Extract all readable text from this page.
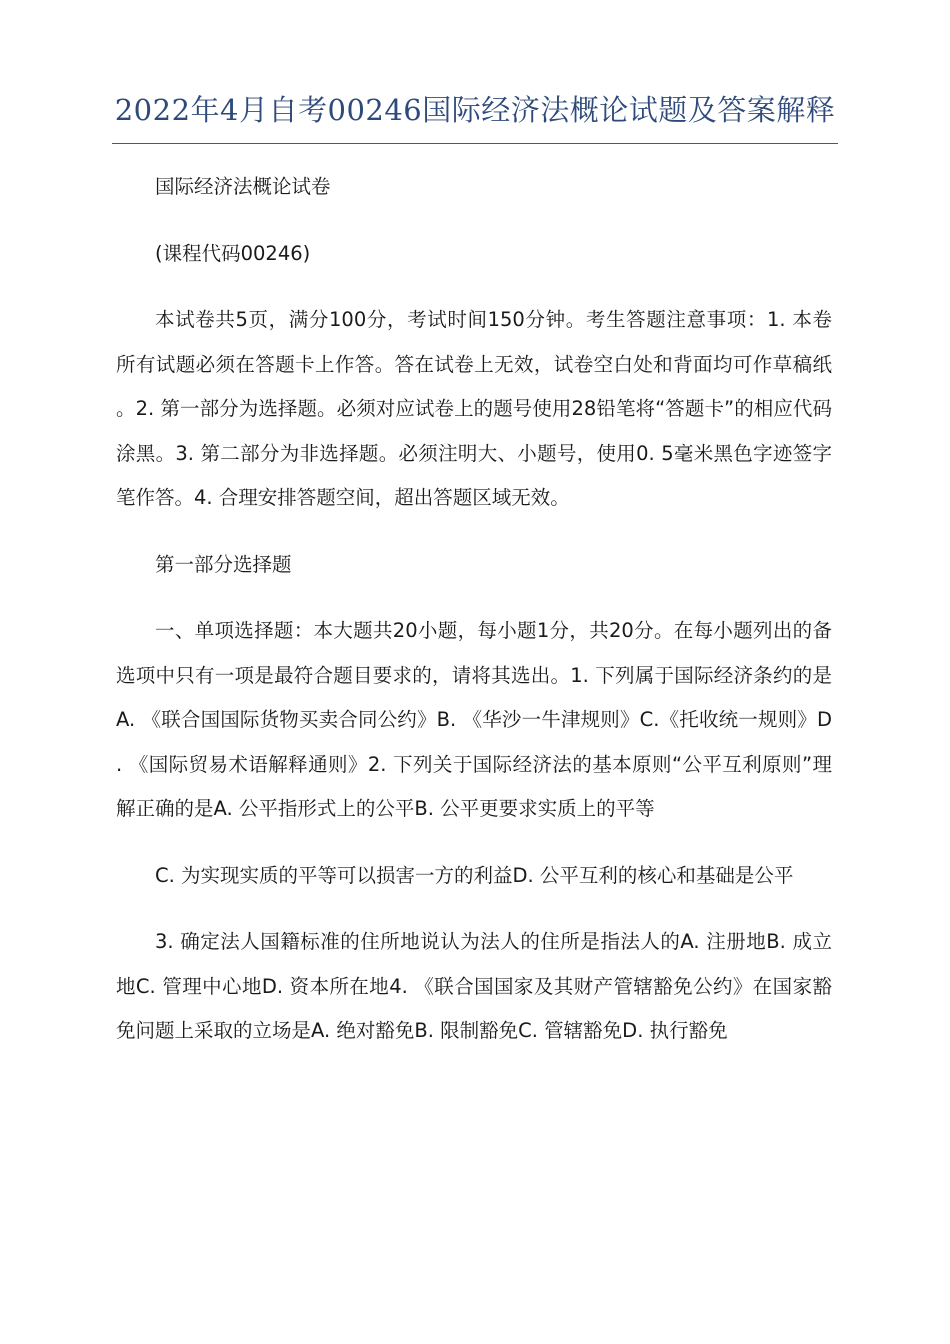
2022年4月自考00246国际经济法概论试题及答案解释

国际经济法概论试卷

(课程代码00246)

本试卷共5页，满分100分，考试时间150分钟。考生答题注意事项：1. 本卷所有试题必须在答题卡上作答。答在试卷上无效，试卷空白处和背面均可作草稿纸。2. 第一部分为选择题。必须对应试卷上的题号使用28铅笔将“答题卡”的相应代码涂黑。3. 第二部分为非选择题。必须注明大、小题号，使用0. 5毫米黑色字迹签字笔作答。4. 合理安排答题空间，超出答题区域无效。

第一部分选择题

一、单项选择题：本大题共20小题，每小题1分，共20分。在每小题列出的备选项中只有一项是最符合题目要求的，请将其选出。1. 下列属于国际经济条约的是A. 《联合国国际货物买卖合同公约》B. 《华沙一牛津规则》C.《托收统一规则》D. 《国际贸易术语解释通则》2. 下列关于国际经济法的基本原则“公平互利原则”理解正确的是A. 公平指形式上的公平B. 公平更要求实质上的平等

C. 为实现实质的平等可以损害一方的利益D. 公平互利的核心和基础是公平

3. 确定法人国籍标准的住所地说认为法人的住所是指法人的A. 注册地B. 成立地C. 管理中心地D. 资本所在地4. 《联合国国家及其财产管辖豁免公约》在国家豁免问题上采取的立场是A. 绝对豁免B. 限制豁免C. 管辖豁免D. 执行豁免
